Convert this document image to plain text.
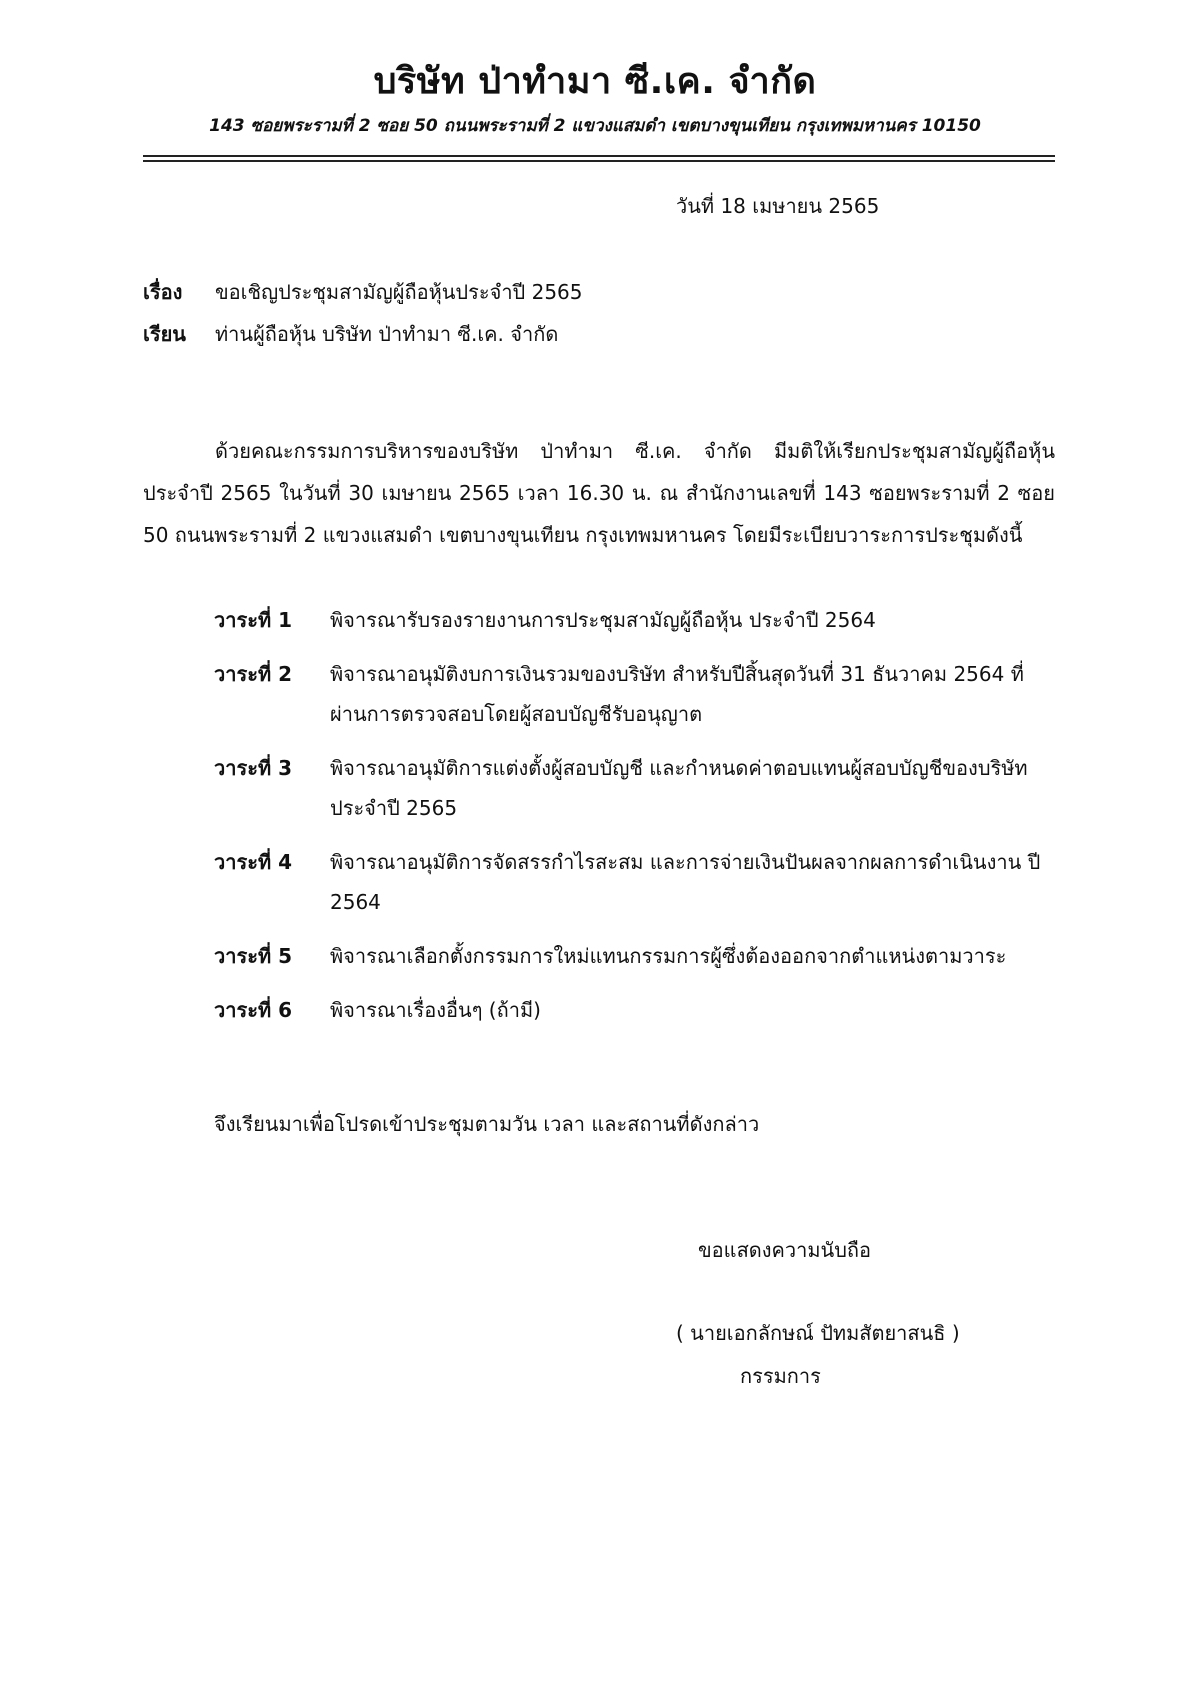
บริษัท ป่าทำมา ซี.เค. จำกัด
143 ซอยพระรามที่ 2 ซอย 50 ถนนพระรามที่ 2 แขวงแสมดำ เขตบางขุนเทียน กรุงเทพมหานคร 10150
วันที่ 18 เมษายน 2565
เรื่อง ขอเชิญประชุมสามัญผู้ถือหุ้นประจำปี 2565
เรียน ท่านผู้ถือหุ้น บริษัท ป่าทำมา ซี.เค. จำกัด
ด้วยคณะกรรมการบริหารของบริษัท ป่าทำมา ซี.เค. จำกัด มีมติให้เรียกประชุมสามัญผู้ถือหุ้น ประจำปี 2565 ในวันที่ 30 เมษายน 2565 เวลา 16.30 น. ณ สำนักงานเลขที่ 143 ซอยพระรามที่ 2 ซอย 50 ถนนพระรามที่ 2 แขวงแสมดำ เขตบางขุนเทียน กรุงเทพมหานคร โดยมีระเบียบวาระการประชุมดังนี้
วาระที่ 1	พิจารณารับรองรายงานการประชุมสามัญผู้ถือหุ้น ประจำปี 2564
วาระที่ 2	พิจารณาอนุมัติงบการเงินรวมของบริษัท สำหรับปีสิ้นสุดวันที่ 31 ธันวาคม 2564 ที่ผ่านการตรวจสอบโดยผู้สอบบัญชีรับอนุญาต
วาระที่ 3	พิจารณาอนุมัติการแต่งตั้งผู้สอบบัญชี และกำหนดค่าตอบแทนผู้สอบบัญชีของบริษัท ประจำปี 2565
วาระที่ 4	พิจารณาอนุมัติการจัดสรรกำไรสะสม และการจ่ายเงินปันผลจากผลการดำเนินงาน ปี 2564
วาระที่ 5	พิจารณาเลือกตั้งกรรมการใหม่แทนกรรมการผู้ซึ่งต้องออกจากตำแหน่งตามวาระ
วาระที่ 6	พิจารณาเรื่องอื่นๆ (ถ้ามี)
จึงเรียนมาเพื่อโปรดเข้าประชุมตามวัน เวลา และสถานที่ดังกล่าว
ขอแสดงความนับถือ
( นายเอกลักษณ์ ปัทมสัตยาสนธิ )
กรรมการ
